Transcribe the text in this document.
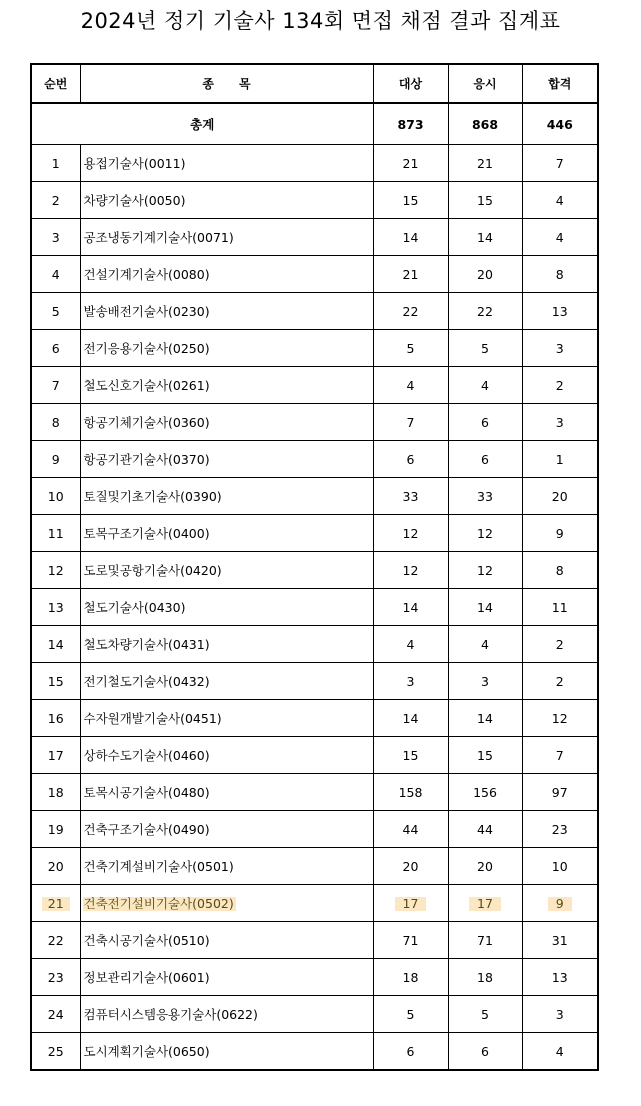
2024년 정기 기술사 134회 면접 채점 결과 집계표
순번	종      목	대상	응시	합격
총계		873	868	446
1	용접기술사(0011)	21	21	7
2	차량기술사(0050)	15	15	4
3	공조냉동기계기술사(0071)	14	14	4
4	건설기계기술사(0080)	21	20	8
5	발송배전기술사(0230)	22	22	13
6	전기응용기술사(0250)	5	5	3
7	철도신호기술사(0261)	4	4	2
8	항공기체기술사(0360)	7	6	3
9	항공기관기술사(0370)	6	6	1
10	토질및기초기술사(0390)	33	33	20
11	토목구조기술사(0400)	12	12	9
12	도로및공항기술사(0420)	12	12	8
13	철도기술사(0430)	14	14	11
14	철도차량기술사(0431)	4	4	2
15	전기철도기술사(0432)	3	3	2
16	수자원개발기술사(0451)	14	14	12
17	상하수도기술사(0460)	15	15	7
18	토목시공기술사(0480)	158	156	97
19	건축구조기술사(0490)	44	44	23
20	건축기계설비기술사(0501)	20	20	10
21	건축전기설비기술사(0502)	17	17	9
22	건축시공기술사(0510)	71	71	31
23	정보관리기술사(0601)	18	18	13
24	컴퓨터시스템응용기술사(0622)	5	5	3
25	도시계획기술사(0650)	6	6	4
